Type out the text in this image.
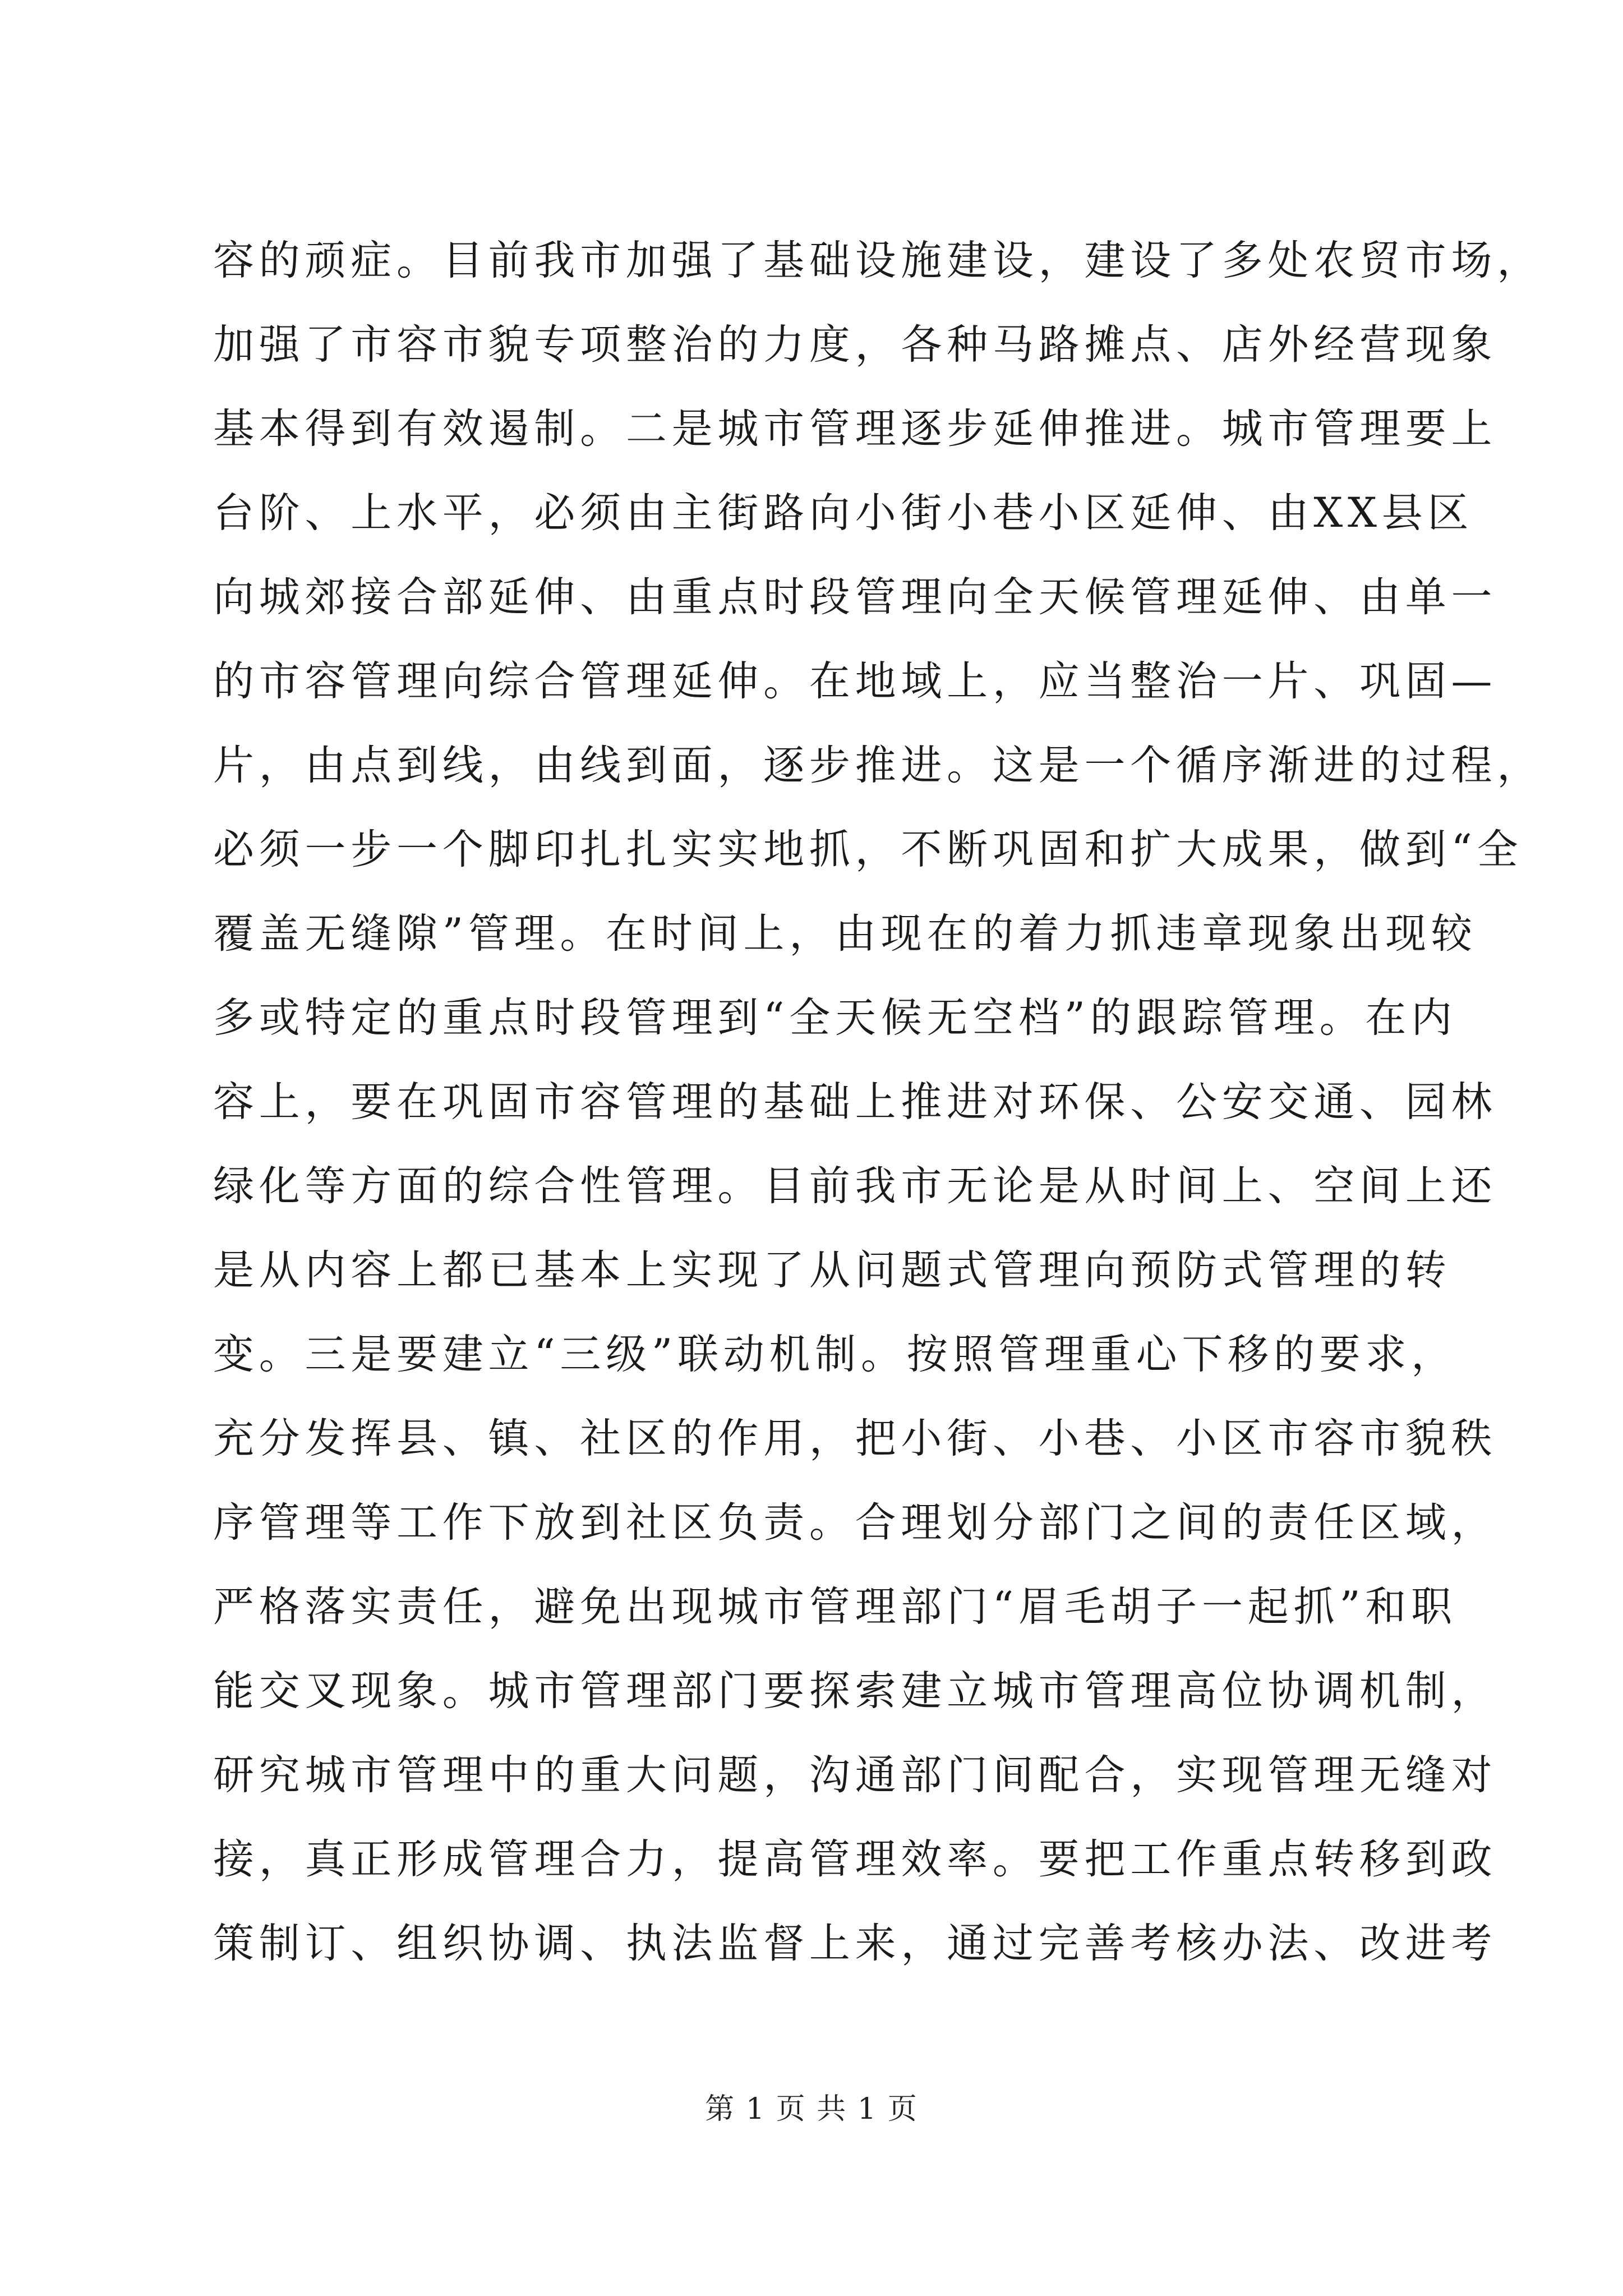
容的顽症。目前我市加强了基础设施建设，建设了多处农贸市场，
加强了市容市貌专项整治的力度，各种马路摊点、店外经营现象
基本得到有效遏制。二是城市管理逐步延伸推进。城市管理要上
台阶、上水平，必须由主街路向小街小巷小区延伸、由XX县区
向城郊接合部延伸、由重点时段管理向全天候管理延伸、由单一
的市容管理向综合管理延伸。在地域上，应当整治一片、巩固—
片，由点到线，由线到面，逐步推进。这是一个循序渐进的过程，
必须一步一个脚印扎扎实实地抓，不断巩固和扩大成果，做到“全
覆盖无缝隙”管理。在时间上，由现在的着力抓违章现象出现较
多或特定的重点时段管理到“全天候无空档”的跟踪管理。在内
容上，要在巩固市容管理的基础上推进对环保、公安交通、园林
绿化等方面的综合性管理。目前我市无论是从时间上、空间上还
是从内容上都已基本上实现了从问题式管理向预防式管理的转
变。三是要建立“三级”联动机制。按照管理重心下移的要求，
充分发挥县、镇、社区的作用，把小街、小巷、小区市容市貌秩
序管理等工作下放到社区负责。合理划分部门之间的责任区域，
严格落实责任，避免出现城市管理部门“眉毛胡子一起抓”和职
能交叉现象。城市管理部门要探索建立城市管理高位协调机制，
研究城市管理中的重大问题，沟通部门间配合，实现管理无缝对
接，真正形成管理合力，提高管理效率。要把工作重点转移到政
策制订、组织协调、执法监督上来，通过完善考核办法、改进考
第 1 页 共 1 页
